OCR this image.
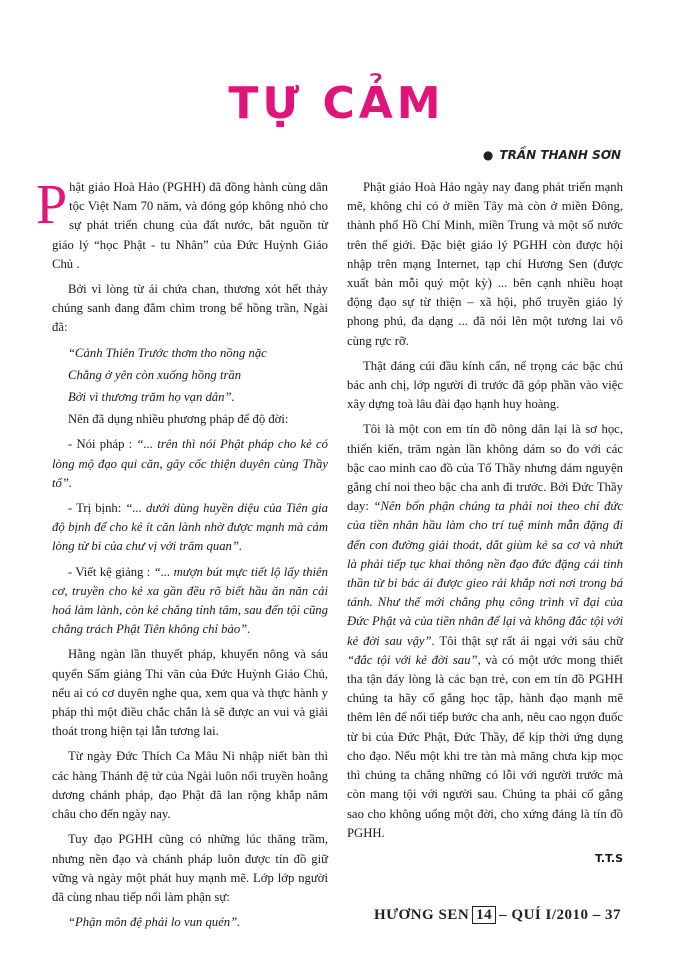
TỰ CẢM
● TRẦN THANH SƠN

Phật giáo Hoà Hảo (PGHH) đã đồng hành cùng dân tộc Việt Nam 70 năm, và đóng góp không nhỏ cho sự phát triển chung của đất nước, bắt nguồn từ giáo lý “học Phật - tu Nhân” của Đức Huỳnh Giáo Chủ .

Bởi vì lòng từ ái chứa chan, thương xót hết thảy chúng sanh đang đắm chìm trong bể hồng trần, Ngài đã:

“Cảnh Thiên Trước thơm tho nồng nặc

Chẳng ở yên còn xuống hồng trần

Bởi vì thương trăm họ vạn dân”.

Nên đã dụng nhiều phương pháp để độ đời:

- Nói pháp : “... trên thì nói Phật pháp cho kẻ có lòng mộ đạo qui căn, gây cốc thiện duyên cùng Thầy tổ”.

- Trị bịnh: “... dưới dùng huyền diệu của Tiên gia độ bịnh để cho kẻ ít căn lành nhờ được mạnh mà cảm lòng từ bi của chư vị với trăm quan”.

- Viết kệ giảng : “... mượn bút mực tiết lộ lấy thiên cơ, truyền cho kẻ xa gần đều rõ biết hầu ăn năn cải hoá làm lành, còn kẻ chẳng tỉnh tâm, sau đến tội cũng chẳng trách Phật Tiên không chỉ bảo”.

Hằng ngàn lần thuyết pháp, khuyến nông và sáu quyển Sấm giảng Thi văn của Đức Huỳnh Giáo Chủ, nếu ai có cơ duyên nghe qua, xem qua và thực hành y pháp thì một điều chắc chắn là sẽ được an vui và giải thoát trong hiện tại lẫn tương lai.

Từ ngày Đức Thích Ca Mâu Ni nhập niết bàn thì các hàng Thánh đệ tử của Ngài luôn nối truyền hoằng dương chánh pháp, đạo Phật đã lan rộng khắp năm châu cho đến ngày nay.

Tuy đạo PGHH cũng có những lúc thăng trầm, nhưng nền đạo và chánh pháp luôn được tín đồ giữ vững và ngày một phát huy mạnh mẽ. Lớp lớp người đã cùng nhau tiếp nối làm phận sự:

“Phận môn đệ phải lo vun quén”.

Phật giáo Hoà Hảo ngày nay đang phát triển mạnh mẽ, không chỉ có ở miền Tây mà còn ở miền Đông, thành phố Hồ Chí Minh, miền Trung và một số nước trên thế giới. Đặc biệt giáo lý PGHH còn được hội nhập trên mạng Internet, tạp chí Hương Sen (được xuất bản mỗi quý một kỳ) ... bên cạnh nhiều hoạt động đạo sự từ thiện – xã hội, phổ truyền giáo lý phong phú, đa dạng ... đã nói lên một tương lai vô cùng rực rỡ.

Thật đáng cúi đầu kính cẩn, nể trọng các bậc chú bác anh chị, lớp người đi trước đã góp phần vào việc xây dựng toà lâu đài đạo hạnh huy hoàng.

Tôi là một con em tín đồ nông dân lại là sơ học, thiển kiến, trăm ngàn lần không dám so đo với các bậc cao minh cao đồ của Tổ Thầy nhưng dám nguyện gắng chí noi theo bậc cha anh đi trước. Bởi Đức Thầy dạy: “Nên bổn phận chúng ta phải noi theo chí đức của tiền nhân hầu làm cho trí tuệ minh mẫn đặng đi đến con đường giải thoát, dắt giùm kẻ sa cơ và nhứt là phải tiếp tục khai thông nền đạo đức đặng cái tinh thần từ bi bác ái được gieo rải khắp nơi nơi trong bá tánh. Như thế mới chẳng phụ công trình vĩ đại của Đức Phật và của tiền nhân để lại và không đắc tội với kẻ đời sau vậy”. Tôi thật sự rất ái ngại với sáu chữ “đắc tội với kẻ đời sau”, và có một ước mong thiết tha tận đáy lòng là các bạn trẻ, con em tín đồ PGHH chúng ta hãy cố gắng học tập, hành đạo mạnh mẽ thêm lên để nối tiếp bước cha anh, nêu cao ngọn đuốc từ bi của Đức Phật, Đức Thầy, để kịp thời ứng dụng cho đạo. Nếu một khi tre tàn mà măng chưa kịp mọc thì chúng ta chẳng những có lỗi với người trước mà còn mang tội với người sau. Chúng ta phải cố gắng sao cho không uổng một đời, cho xứng đáng là tín đồ PGHH.

T.T.S
HƯƠNG SEN 14 – QUÍ I/2010 – 37
